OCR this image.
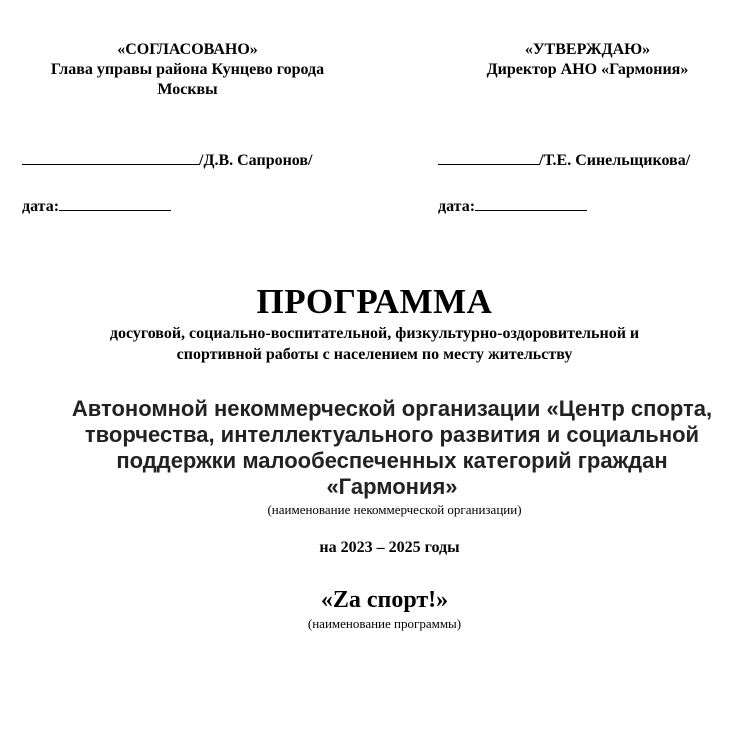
«СОГЛАСОВАНО»
Глава управы района Кунцево города
Москвы
«УТВЕРЖДАЮ»
Директор АНО «Гармония»
/Д.В. Сапронов/	/Т.Е. Синельщикова/
дата:	дата:
ПРОГРАММА
досуговой, социально-воспитательной, физкультурно-оздоровительной и
спортивной работы с населением по месту жительству
Автономной некоммерческой организации «Центр спорта,
творчества, интеллектуального развития и социальной
поддержки малообеспеченных категорий граждан
«Гармония»
(наименование некоммерческой организации)
на 2023 – 2025 годы
«Za спорт!»
(наименование программы)
